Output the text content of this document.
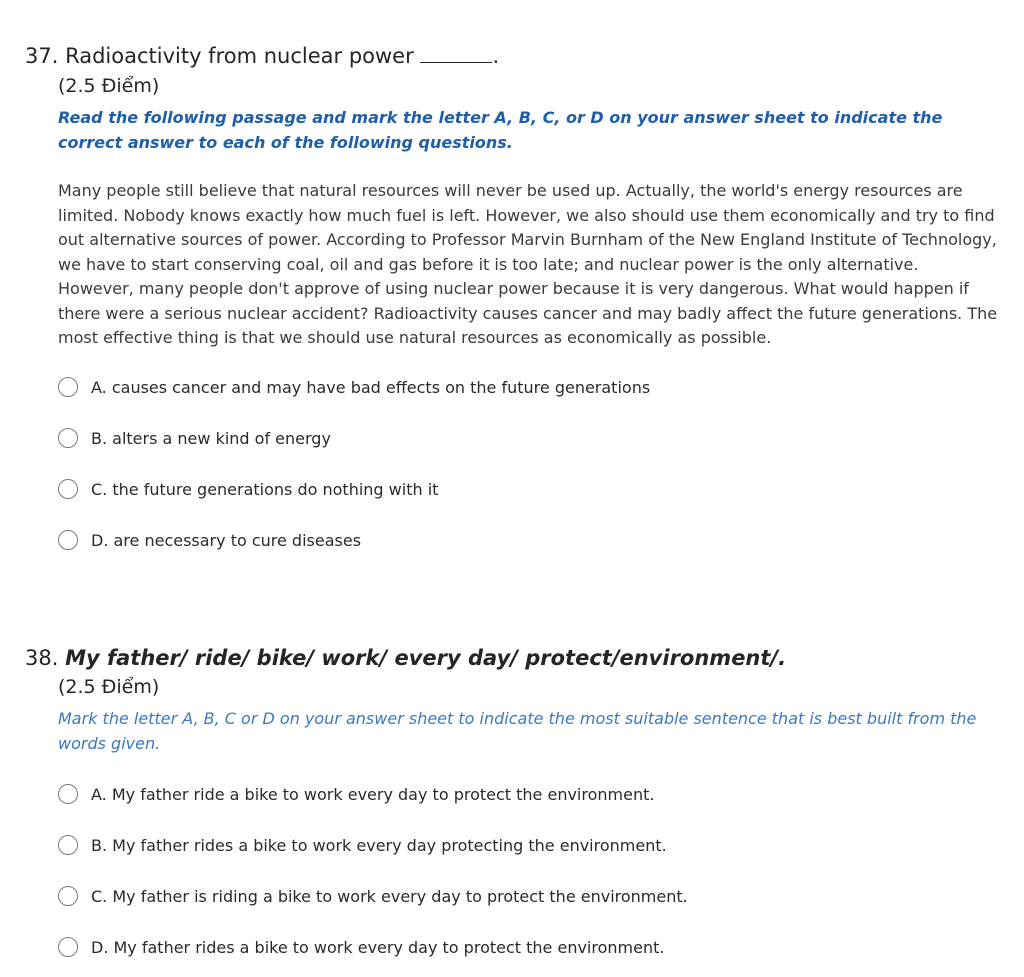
37. Radioactivity from nuclear power	.
(2.5 Điểm)
Read the following passage and mark the letter A, B, C, or D on your answer sheet to indicate the correct answer to each of the following questions.
Many people still believe that natural resources will never be used up. Actually, the world's energy resources are limited. Nobody knows exactly how much fuel is left. However, we also should use them economically and try to find out alternative sources of power. According to Professor Marvin Burnham of the New England Institute of Technology, we have to start conserving coal, oil and gas before it is too late; and nuclear power is the only alternative. However, many people don't approve of using nuclear power because it is very dangerous. What would happen if there were a serious nuclear accident? Radioactivity causes cancer and may badly affect the future generations. The most effective thing is that we should use natural resources as economically as possible.
A. causes cancer and may have bad effects on the future generations
B. alters a new kind of energy
C. the future generations do nothing with it
D. are necessary to cure diseases
38. My father/ ride/ bike/ work/ every day/ protect/environment/.
(2.5 Điểm)
Mark the letter A, B, C or D on your answer sheet to indicate the most suitable sentence that is best built from the words given.
A. My father ride a bike to work every day to protect the environment.
B. My father rides a bike to work every day protecting the environment.
C. My father is riding a bike to work every day to protect the environment.
D. My father rides a bike to work every day to protect the environment.
